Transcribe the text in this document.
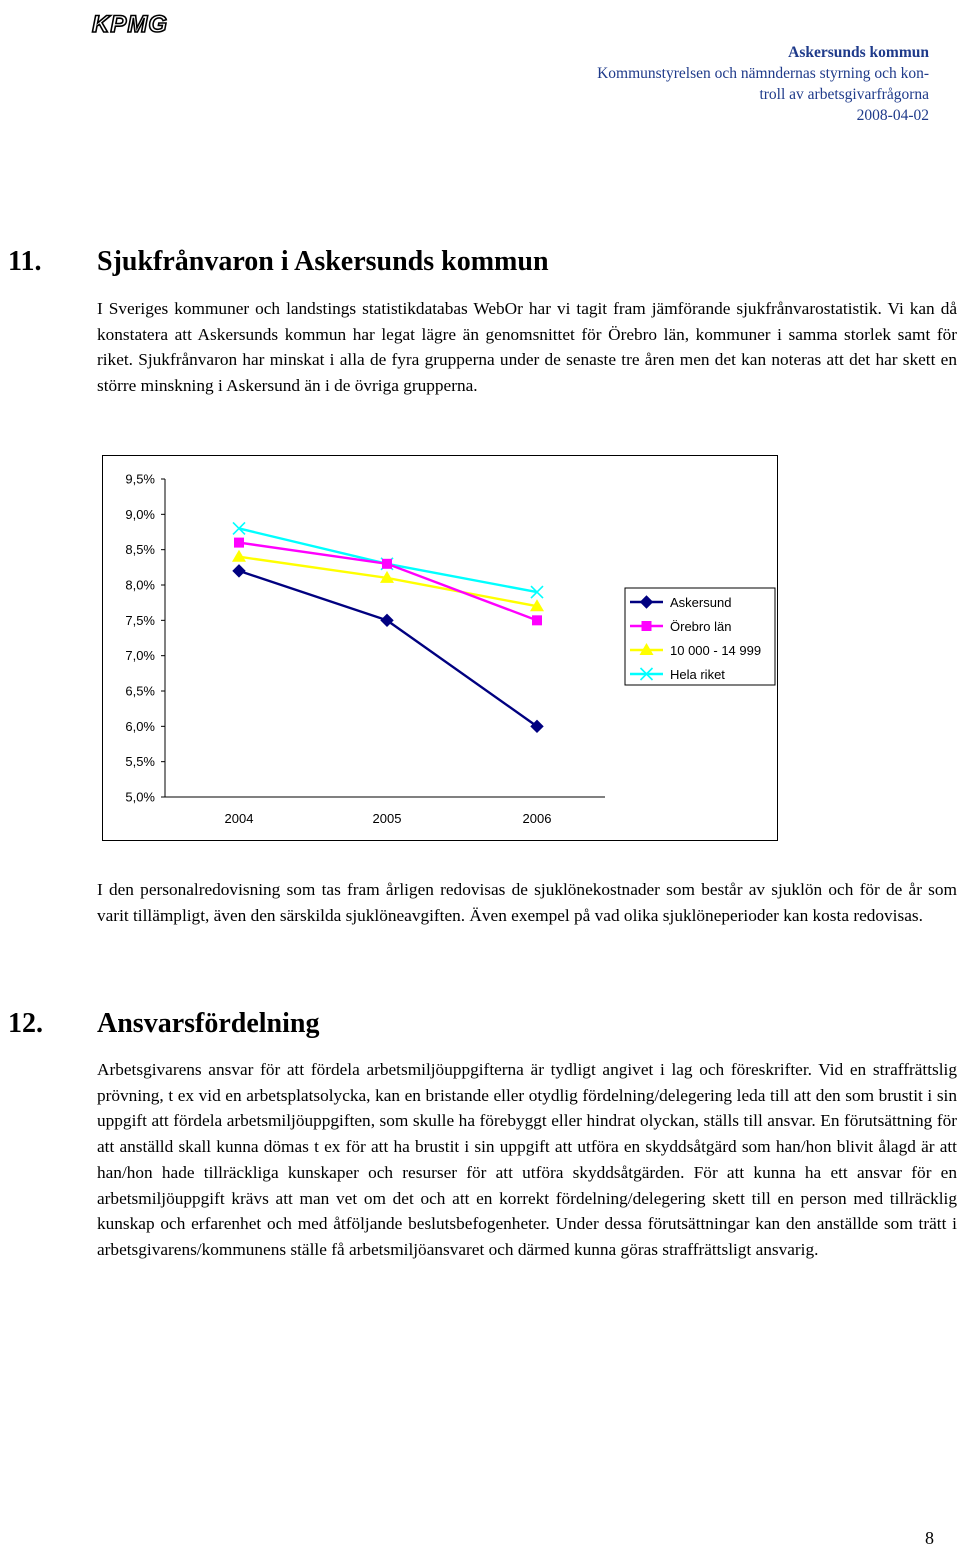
KPMG
Askersunds kommun
Kommunstyrelsen och nämndernas styrning och kon-
troll av arbetsgivarfrågorna
2008-04-02
11. Sjukfrånvaron i Askersunds kommun

I Sveriges kommuner och landstings statistikdatabas WebOr har vi tagit fram jämförande sjukfrånvarostatistik. Vi kan då konstatera att Askersunds kommun har legat lägre än genomsnittet för Örebro län, kommuner i samma storlek samt för riket. Sjukfrånvaron har minskat i alla de fyra grupperna under de senaste tre åren men det kan noteras att det har skett en större minskning i Askersund än i de övriga grupperna.

9,5%
9,0%
8,5%
8,0%
7,5%
7,0%
6,5%
6,0%
5,5%
5,0%
2004	2005	2006
Askersund
Örebro län
10 000 - 14 999
Hela riket

I den personalredovisning som tas fram årligen redovisas de sjuklönekostnader som består av sjuklön och för de år som varit tillämpligt, även den särskilda sjuklöneavgiften. Även exempel på vad olika sjuklöneperioder kan kosta redovisas.

12. Ansvarsfördelning

Arbetsgivarens ansvar för att fördela arbetsmiljöuppgifterna är tydligt angivet i lag och föreskrifter. Vid en straffrättslig prövning, t ex vid en arbetsplatsolycka, kan en bristande eller otydlig fördelning/delegering leda till att den som brustit i sin uppgift att fördela arbetsmiljöuppgiften, som skulle ha förebyggt eller hindrat olyckan, ställs till ansvar. En förutsättning för att anställd skall kunna dömas t ex för att ha brustit i sin uppgift att utföra en skyddsåtgärd som han/hon blivit ålagd är att han/hon hade tillräckliga kunskaper och resurser för att utföra skyddsåtgärden. För att kunna ha ett ansvar för en arbetsmiljöuppgift krävs att man vet om det och att en korrekt fördelning/delegering skett till en person med tillräcklig kunskap och erfarenhet och med åtföljande beslutsbefogenheter. Under dessa förutsättningar kan den anställde som trätt i arbetsgivarens/kommunens ställe få arbetsmiljöansvaret och därmed kunna göras straffrättsligt ansvarig.

8
